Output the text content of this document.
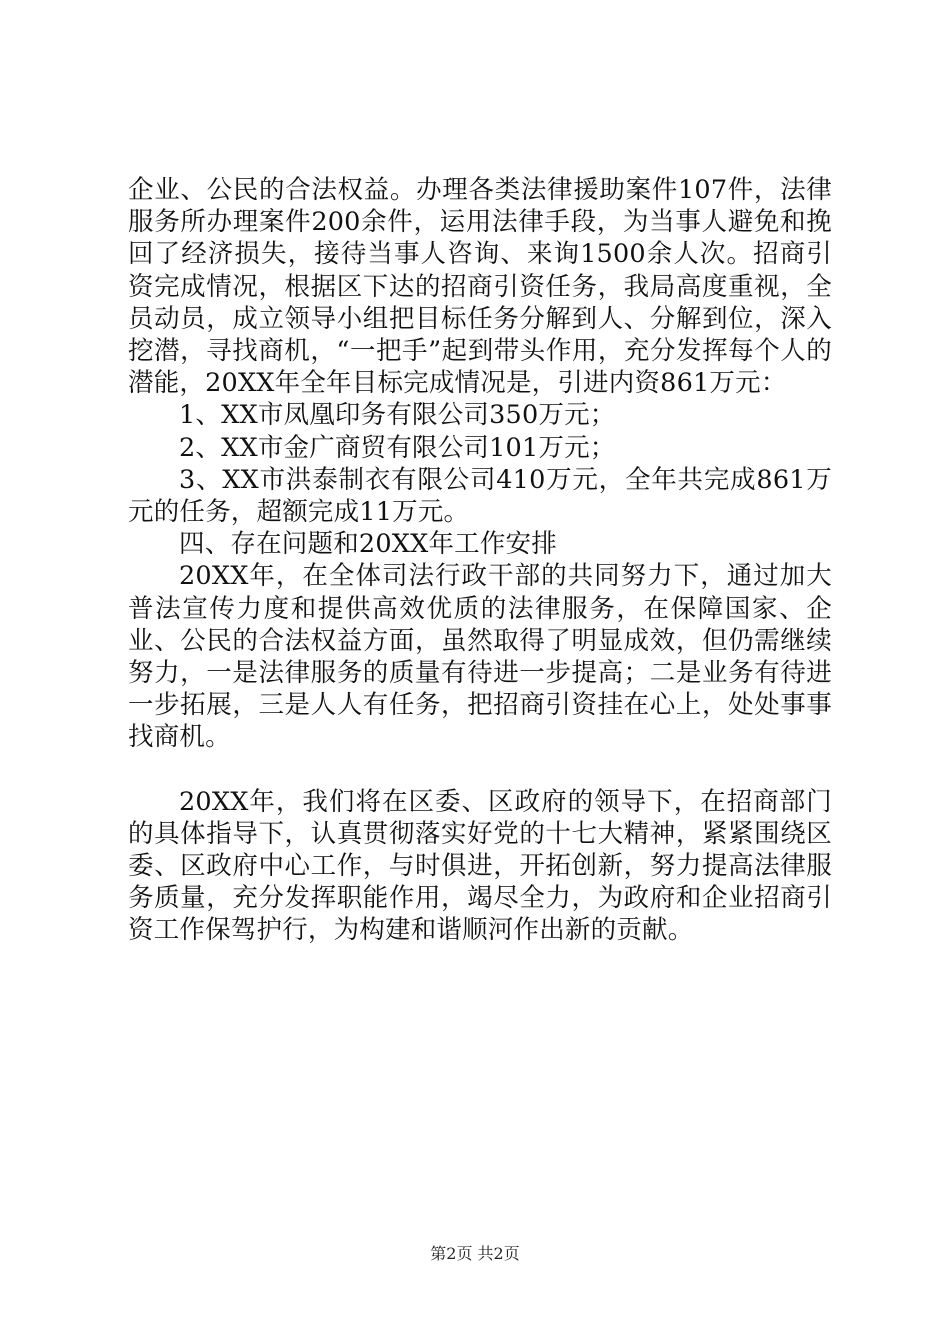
企业、公民的合法权益。办理各类法律援助案件107件，法律服务所办理案件200余件，运用法律手段，为当事人避免和挽回了经济损失，接待当事人咨询、来询1500余人次。招商引资完成情况，根据区下达的招商引资任务，我局高度重视，全员动员，成立领导小组把目标任务分解到人、分解到位，深入挖潜，寻找商机，“一把手”起到带头作用，充分发挥每个人的潜能，20XX年全年目标完成情况是，引进内资861万元：

1、XX市凤凰印务有限公司350万元；

2、XX市金广商贸有限公司101万元；

3、XX市洪泰制衣有限公司410万元，全年共完成861万元的任务，超额完成11万元。

四、存在问题和20XX年工作安排

20XX年，在全体司法行政干部的共同努力下，通过加大普法宣传力度和提供高效优质的法律服务，在保障国家、企业、公民的合法权益方面，虽然取得了明显成效，但仍需继续努力，一是法律服务的质量有待进一步提高；二是业务有待进一步拓展，三是人人有任务，把招商引资挂在心上，处处事事找商机。

20XX年，我们将在区委、区政府的领导下，在招商部门的具体指导下，认真贯彻落实好党的十七大精神，紧紧围绕区委、区政府中心工作，与时俱进，开拓创新，努力提高法律服务质量，充分发挥职能作用，竭尽全力，为政府和企业招商引资工作保驾护行，为构建和谐顺河作出新的贡献。

第2页 共2页
